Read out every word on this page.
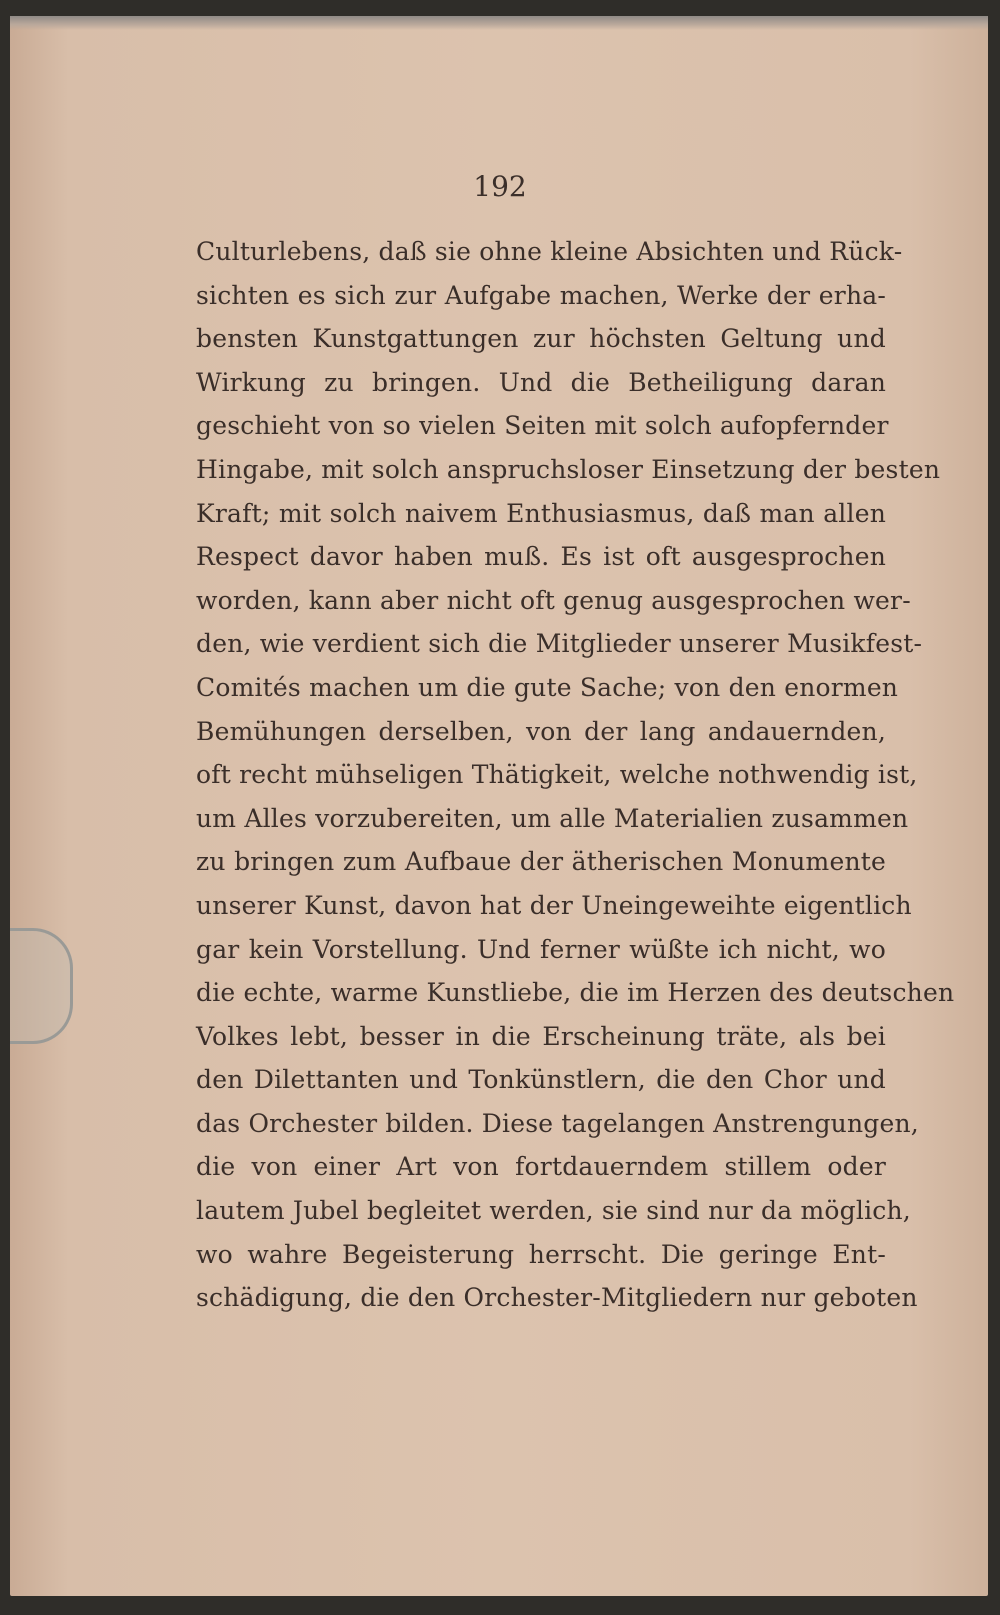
192
Culturlebens, daß sie ohne kleine Absichten und Rück-
sichten es sich zur Aufgabe machen, Werke der erha-
bensten Kunstgattungen zur höchsten Geltung und
Wirkung zu bringen. Und die Betheiligung daran
geschieht von so vielen Seiten mit solch aufopfernder
Hingabe, mit solch anspruchsloser Einsetzung der besten
Kraft; mit solch naivem Enthusiasmus, daß man allen
Respect davor haben muß. Es ist oft ausgesprochen
worden, kann aber nicht oft genug ausgesprochen wer-
den, wie verdient sich die Mitglieder unserer Musikfest-
Comités machen um die gute Sache; von den enormen
Bemühungen derselben, von der lang andauernden,
oft recht mühseligen Thätigkeit, welche nothwendig ist,
um Alles vorzubereiten, um alle Materialien zusammen
zu bringen zum Aufbaue der ätherischen Monumente
unserer Kunst, davon hat der Uneingeweihte eigentlich
gar kein Vorstellung. Und ferner wüßte ich nicht, wo
die echte, warme Kunstliebe, die im Herzen des deutschen
Volkes lebt, besser in die Erscheinung träte, als bei
den Dilettanten und Tonkünstlern, die den Chor und
das Orchester bilden. Diese tagelangen Anstrengungen,
die von einer Art von fortdauerndem stillem oder
lautem Jubel begleitet werden, sie sind nur da möglich,
wo wahre Begeisterung herrscht. Die geringe Ent-
schädigung, die den Orchester-Mitgliedern nur geboten
